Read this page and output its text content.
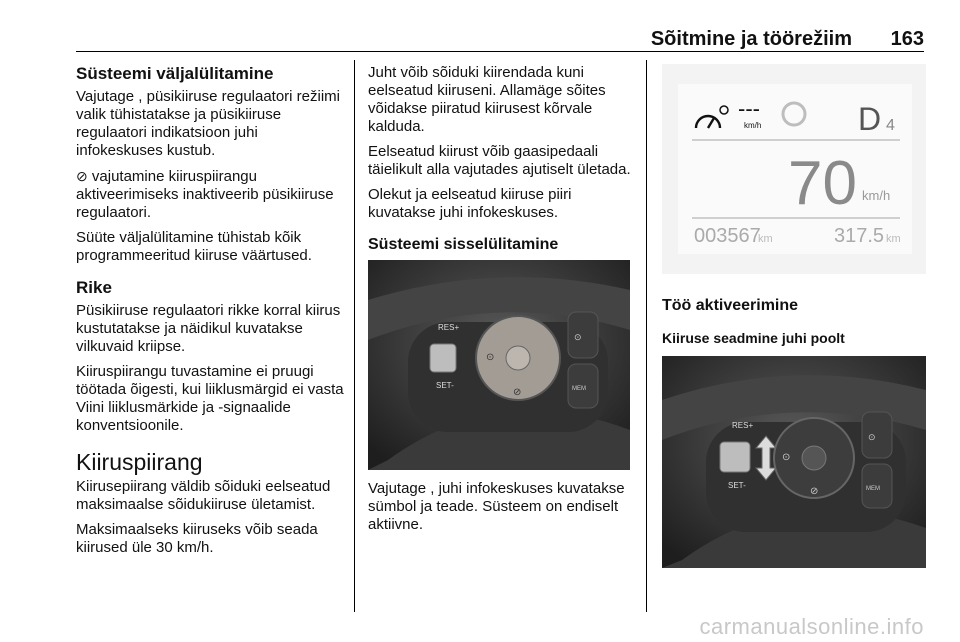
Sõitmine ja töörežiim 163
Süsteemi väljalülitamine

Vajutage , püsikiiruse regulaatori režiimi valik tühistatakse ja püsikiiruse regulaatori indikatsioon juhi infokeskuses kustub.

⊘ vajutamine kiiruspiirangu aktiveerimiseks inaktiveerib püsikiiruse regulaatori.

Süüte väljalülitamine tühistab kõik programmeeritud kiiruse väärtused.

Rike

Püsikiiruse regulaatori rikke korral kiirus kustutatakse ja näidikul kuvatakse vilkuvaid kriipse.

Kiiruspiirangu tuvastamine ei pruugi töötada õigesti, kui liiklusmärgid ei vasta Viini liiklusmärkide ja -signaalide konventsioonile.

Kiiruspiirang

Kiirusepiirang väldib sõiduki eelseatud maksimaalse sõidukiiruse ületamist.

Maksimaalseks kiiruseks võib seada kiirused üle 30 km/h.

Juht võib sõiduki kiirendada kuni eelseatud kiiruseni. Allamäge sõites võidakse piiratud kiirusest kõrvale kalduda.

Eelseatud kiirust võib gaasipedaali täielikult alla vajutades ajutiselt ületada.

Olekut ja eelseatud kiiruse piiri kuvatakse juhi infokeskuses.

Süsteemi sisselülitamine
RES+
SET-
⊙
⊘
⊙
MEM

Vajutage , juhi infokeskuses kuvatakse sümbol ja teade. Süsteem on endiselt aktiivne.

---
km/h	D 4
70 km/h
003567
km	317.5 km
Töö aktiveerimine
Kiiruse seadmine juhi poolt
RES+
SET-
⊙
⊘
⊙
MEM
carmanualsonline.info
